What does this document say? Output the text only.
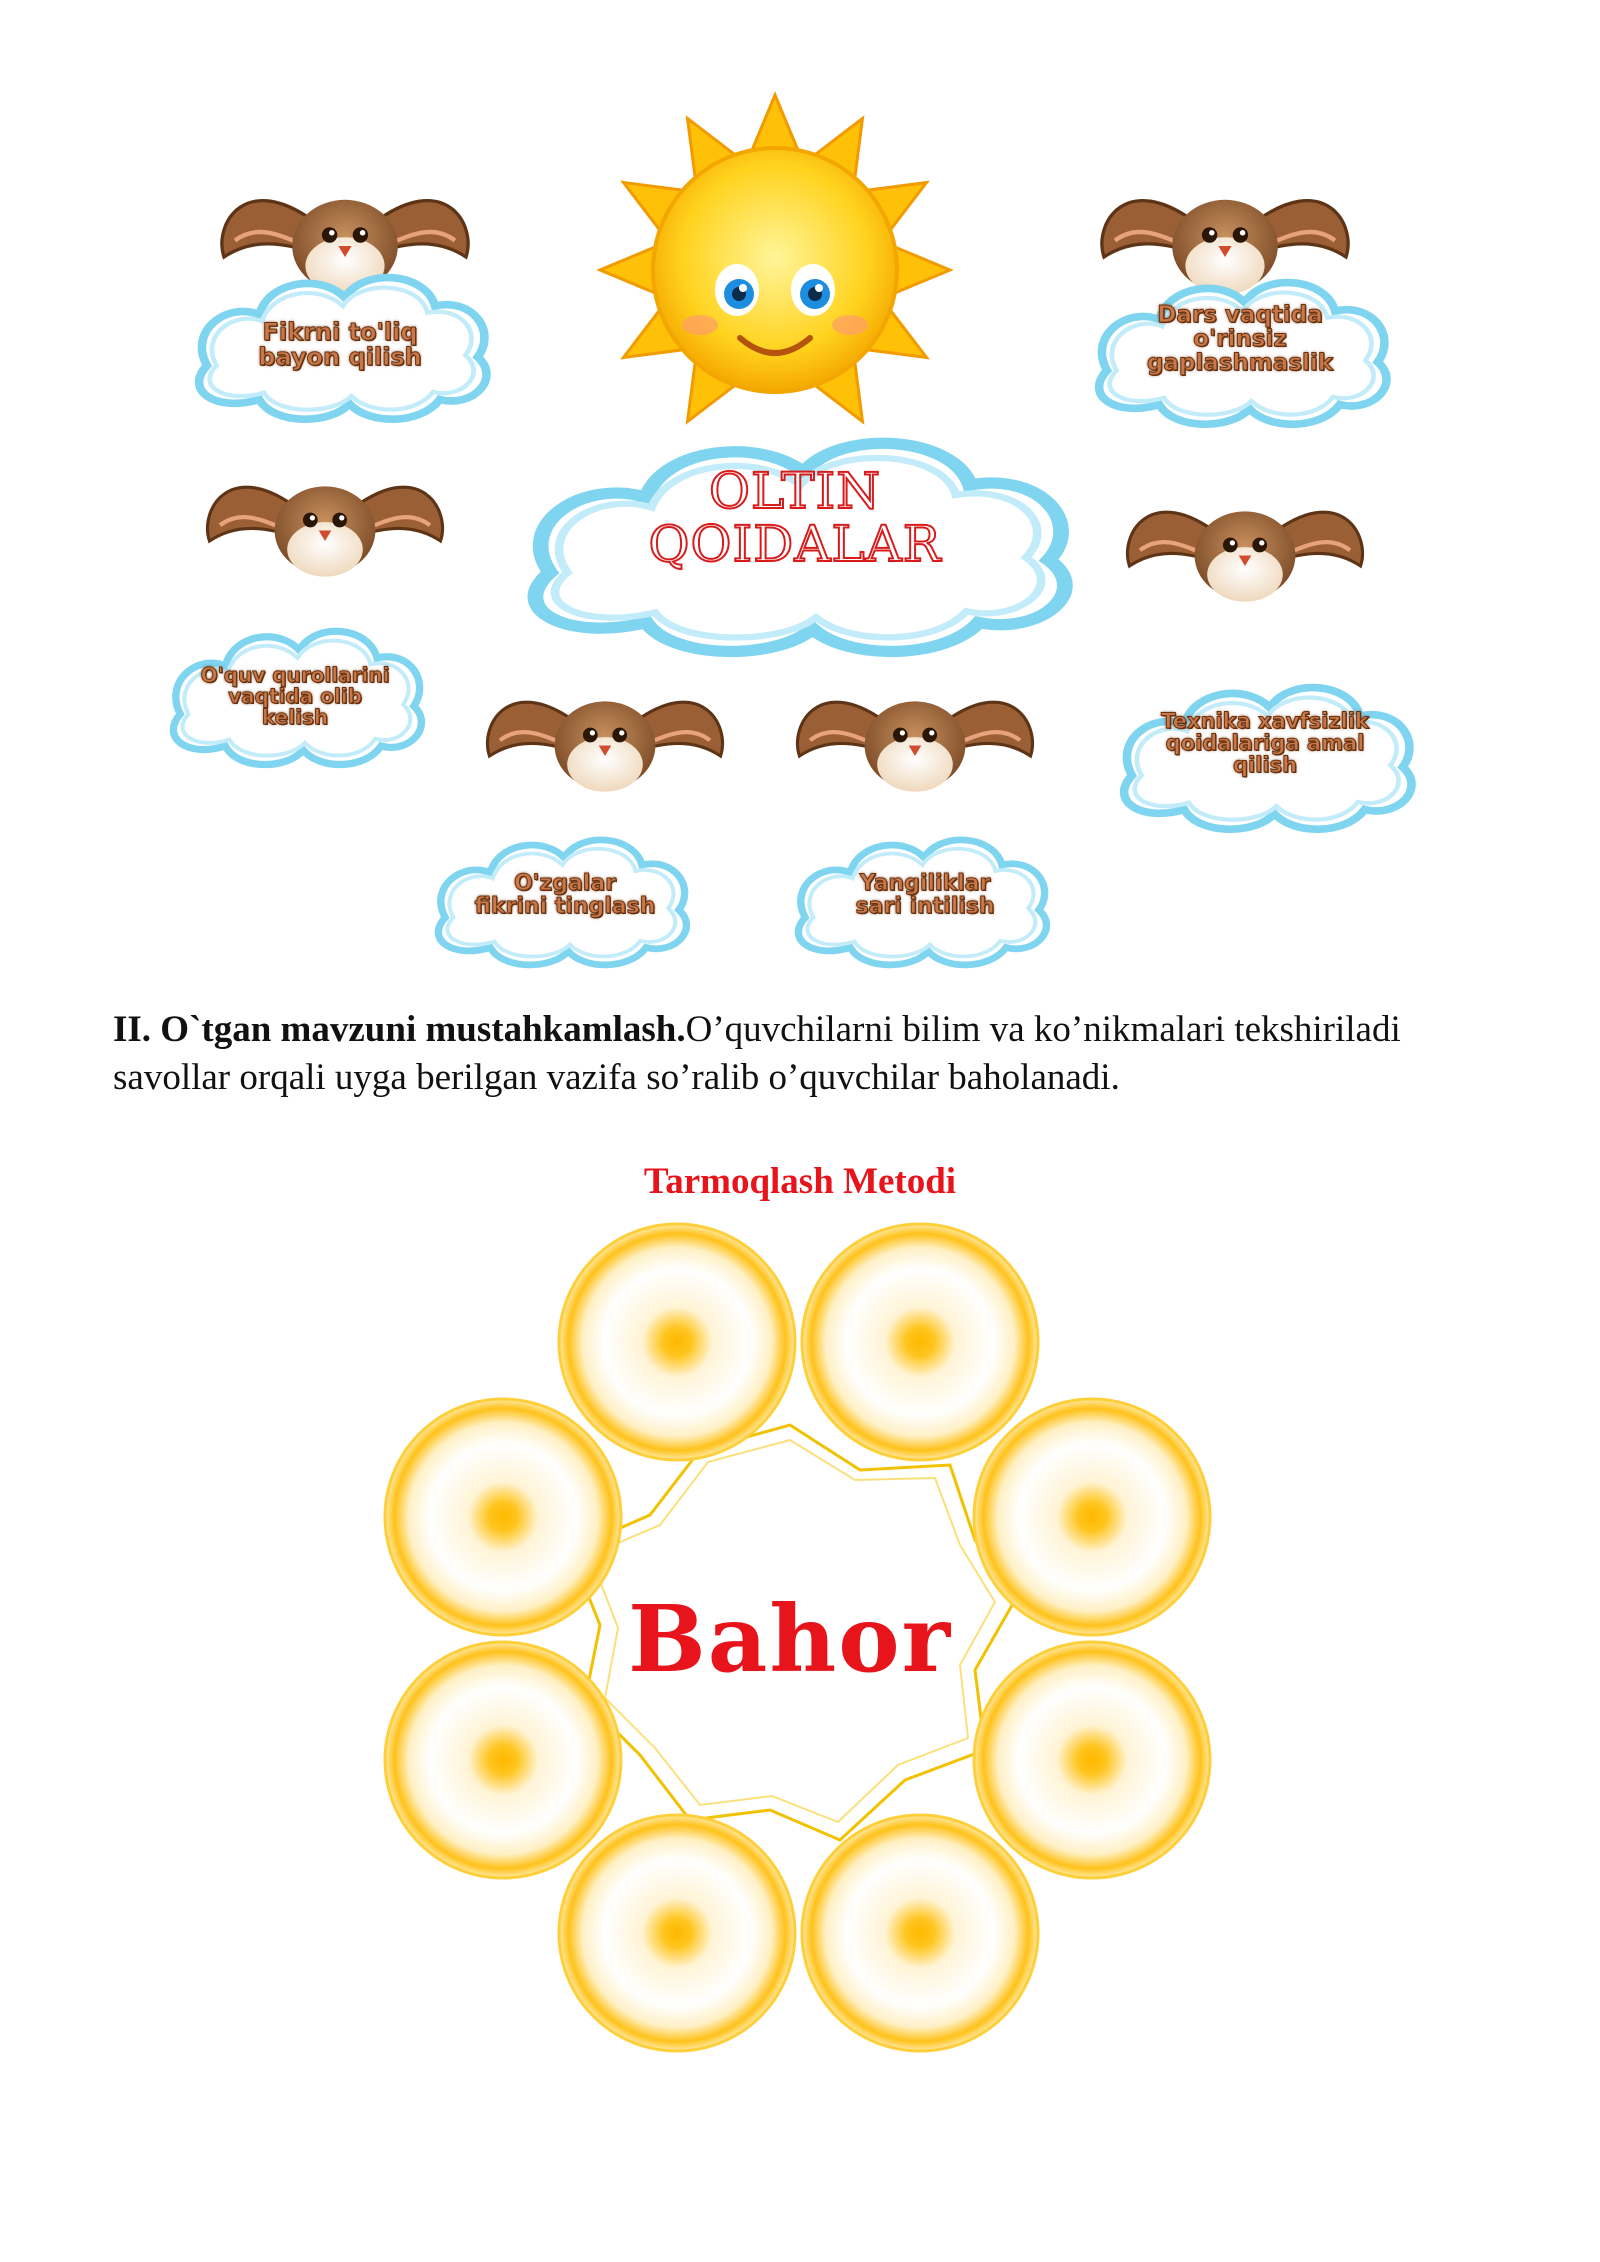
OLTIN
QOIDALAR
Fikrni to'liq
bayon qilish
Dars vaqtida
o'rinsiz
gaplashmaslik
O'quv qurollarini
vaqtida olib
kelish	Texnika xavfsizlik
qoidalariga amal
qilish
O'zgalar
fikrini tinglash
Yangiliklar
sari intilish
II. O`tgan mavzuni mustahkamlash.O’quvchilarni bilim va ko’nikmalari tekshiriladi savollar orqali uyga berilgan vazifa so’ralib o’quvchilar baholanadi.
Tarmoqlash Metodi
Bahor
